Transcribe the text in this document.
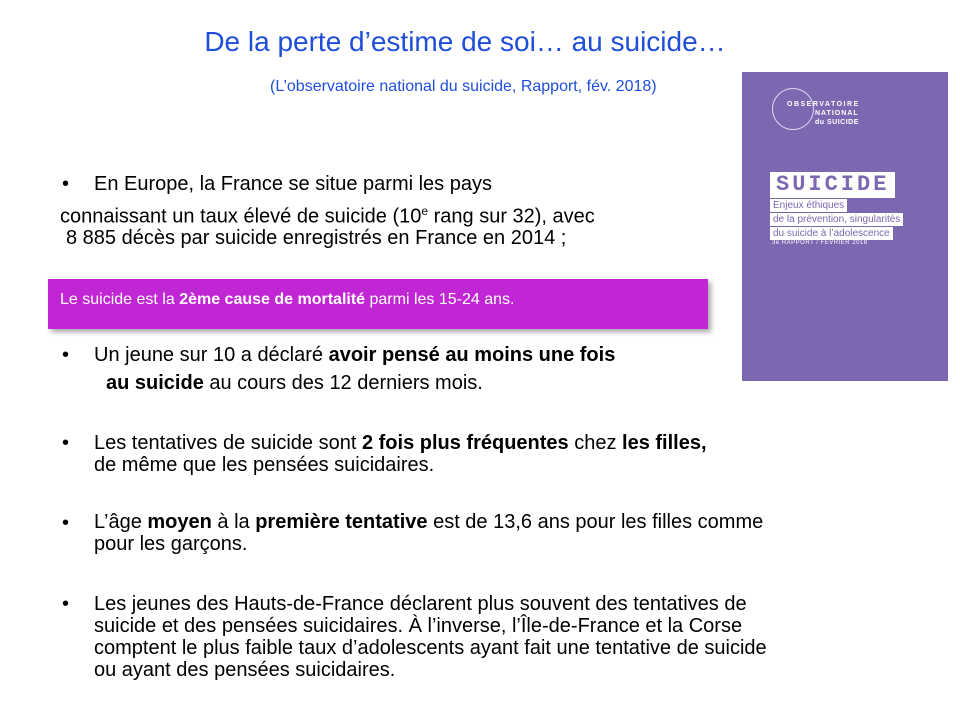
De la perte d’estime de soi… au suicide…
(L’observatoire national du suicide, Rapport, fév. 2018)
OBSERVATOIRE
NATIONAL
du SUICIDE
SUICIDE
Enjeux éthiques
de la prévention, singularités
du suicide à l’adolescence
3e RAPPORT / FÉVRIER 2018
• En Europe, la France se situe parmi les pays
connaissant un taux élevé de suicide (10e rang sur 32), avec
8 885 décès par suicide enregistrés en France en 2014 ;
Le suicide est la 2ème cause de mortalité parmi les 15-24 ans.
• Un jeune sur 10 a déclaré avoir pensé au moins une fois
au suicide au cours des 12 derniers mois.
• Les tentatives de suicide sont 2 fois plus fréquentes chez les filles,
de même que les pensées suicidaires.
• L’âge moyen à la première tentative est de 13,6 ans pour les filles comme
pour les garçons.
• Les jeunes des Hauts-de-France déclarent plus souvent des tentatives de
suicide et des pensées suicidaires. À l’inverse, l’Île-de-France et la Corse
comptent le plus faible taux d’adolescents ayant fait une tentative de suicide
ou ayant des pensées suicidaires.
